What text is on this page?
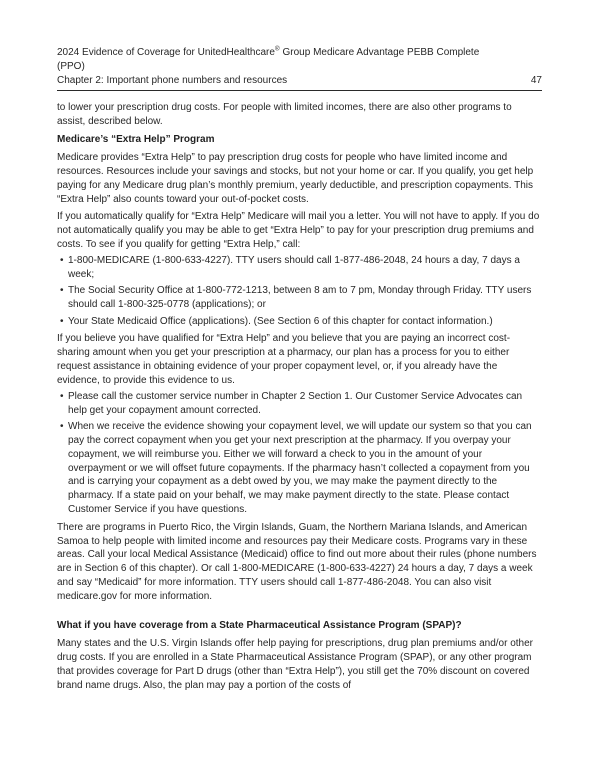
2024 Evidence of Coverage for UnitedHealthcare® Group Medicare Advantage PEBB Complete
(PPO)
Chapter 2: Important phone numbers and resources	47

to lower your prescription drug costs. For people with limited incomes, there are also other programs to assist, described below.

Medicare’s “Extra Help” Program

Medicare provides “Extra Help” to pay prescription drug costs for people who have limited income and resources. Resources include your savings and stocks, but not your home or car. If you qualify, you get help paying for any Medicare drug plan’s monthly premium, yearly deductible, and prescription copayments. This “Extra Help” also counts toward your out-of-pocket costs.

If you automatically qualify for “Extra Help” Medicare will mail you a letter. You will not have to apply. If you do not automatically qualify you may be able to get “Extra Help” to pay for your prescription drug premiums and costs. To see if you qualify for getting “Extra Help,” call:

• 1-800-MEDICARE (1-800-633-4227). TTY users should call 1-877-486-2048, 24 hours a day, 7 days a week;
• The Social Security Office at 1-800-772-1213, between 8 am to 7 pm, Monday through Friday. TTY users should call 1-800-325-0778 (applications); or
• Your State Medicaid Office (applications). (See Section 6 of this chapter for contact information.)

If you believe you have qualified for “Extra Help” and you believe that you are paying an incorrect cost-sharing amount when you get your prescription at a pharmacy, our plan has a process for you to either request assistance in obtaining evidence of your proper copayment level, or, if you already have the evidence, to provide this evidence to us.

• Please call the customer service number in Chapter 2 Section 1. Our Customer Service Advocates can help get your copayment amount corrected.
• When we receive the evidence showing your copayment level, we will update our system so that you can pay the correct copayment when you get your next prescription at the pharmacy. If you overpay your copayment, we will reimburse you. Either we will forward a check to you in the amount of your overpayment or we will offset future copayments. If the pharmacy hasn’t collected a copayment from you and is carrying your copayment as a debt owed by you, we may make the payment directly to the pharmacy. If a state paid on your behalf, we may make payment directly to the state. Please contact Customer Service if you have questions.

There are programs in Puerto Rico, the Virgin Islands, Guam, the Northern Mariana Islands, and American Samoa to help people with limited income and resources pay their Medicare costs. Programs vary in these areas. Call your local Medical Assistance (Medicaid) office to find out more about their rules (phone numbers are in Section 6 of this chapter). Or call 1-800-MEDICARE (1-800-633-4227) 24 hours a day, 7 days a week and say “Medicaid” for more information. TTY users should call 1-877-486-2048. You can also visit medicare.gov for more information.

What if you have coverage from a State Pharmaceutical Assistance Program (SPAP)?

Many states and the U.S. Virgin Islands offer help paying for prescriptions, drug plan premiums and/or other drug costs. If you are enrolled in a State Pharmaceutical Assistance Program (SPAP), or any other program that provides coverage for Part D drugs (other than “Extra Help”), you still get the 70% discount on covered brand name drugs. Also, the plan may pay a portion of the costs of
